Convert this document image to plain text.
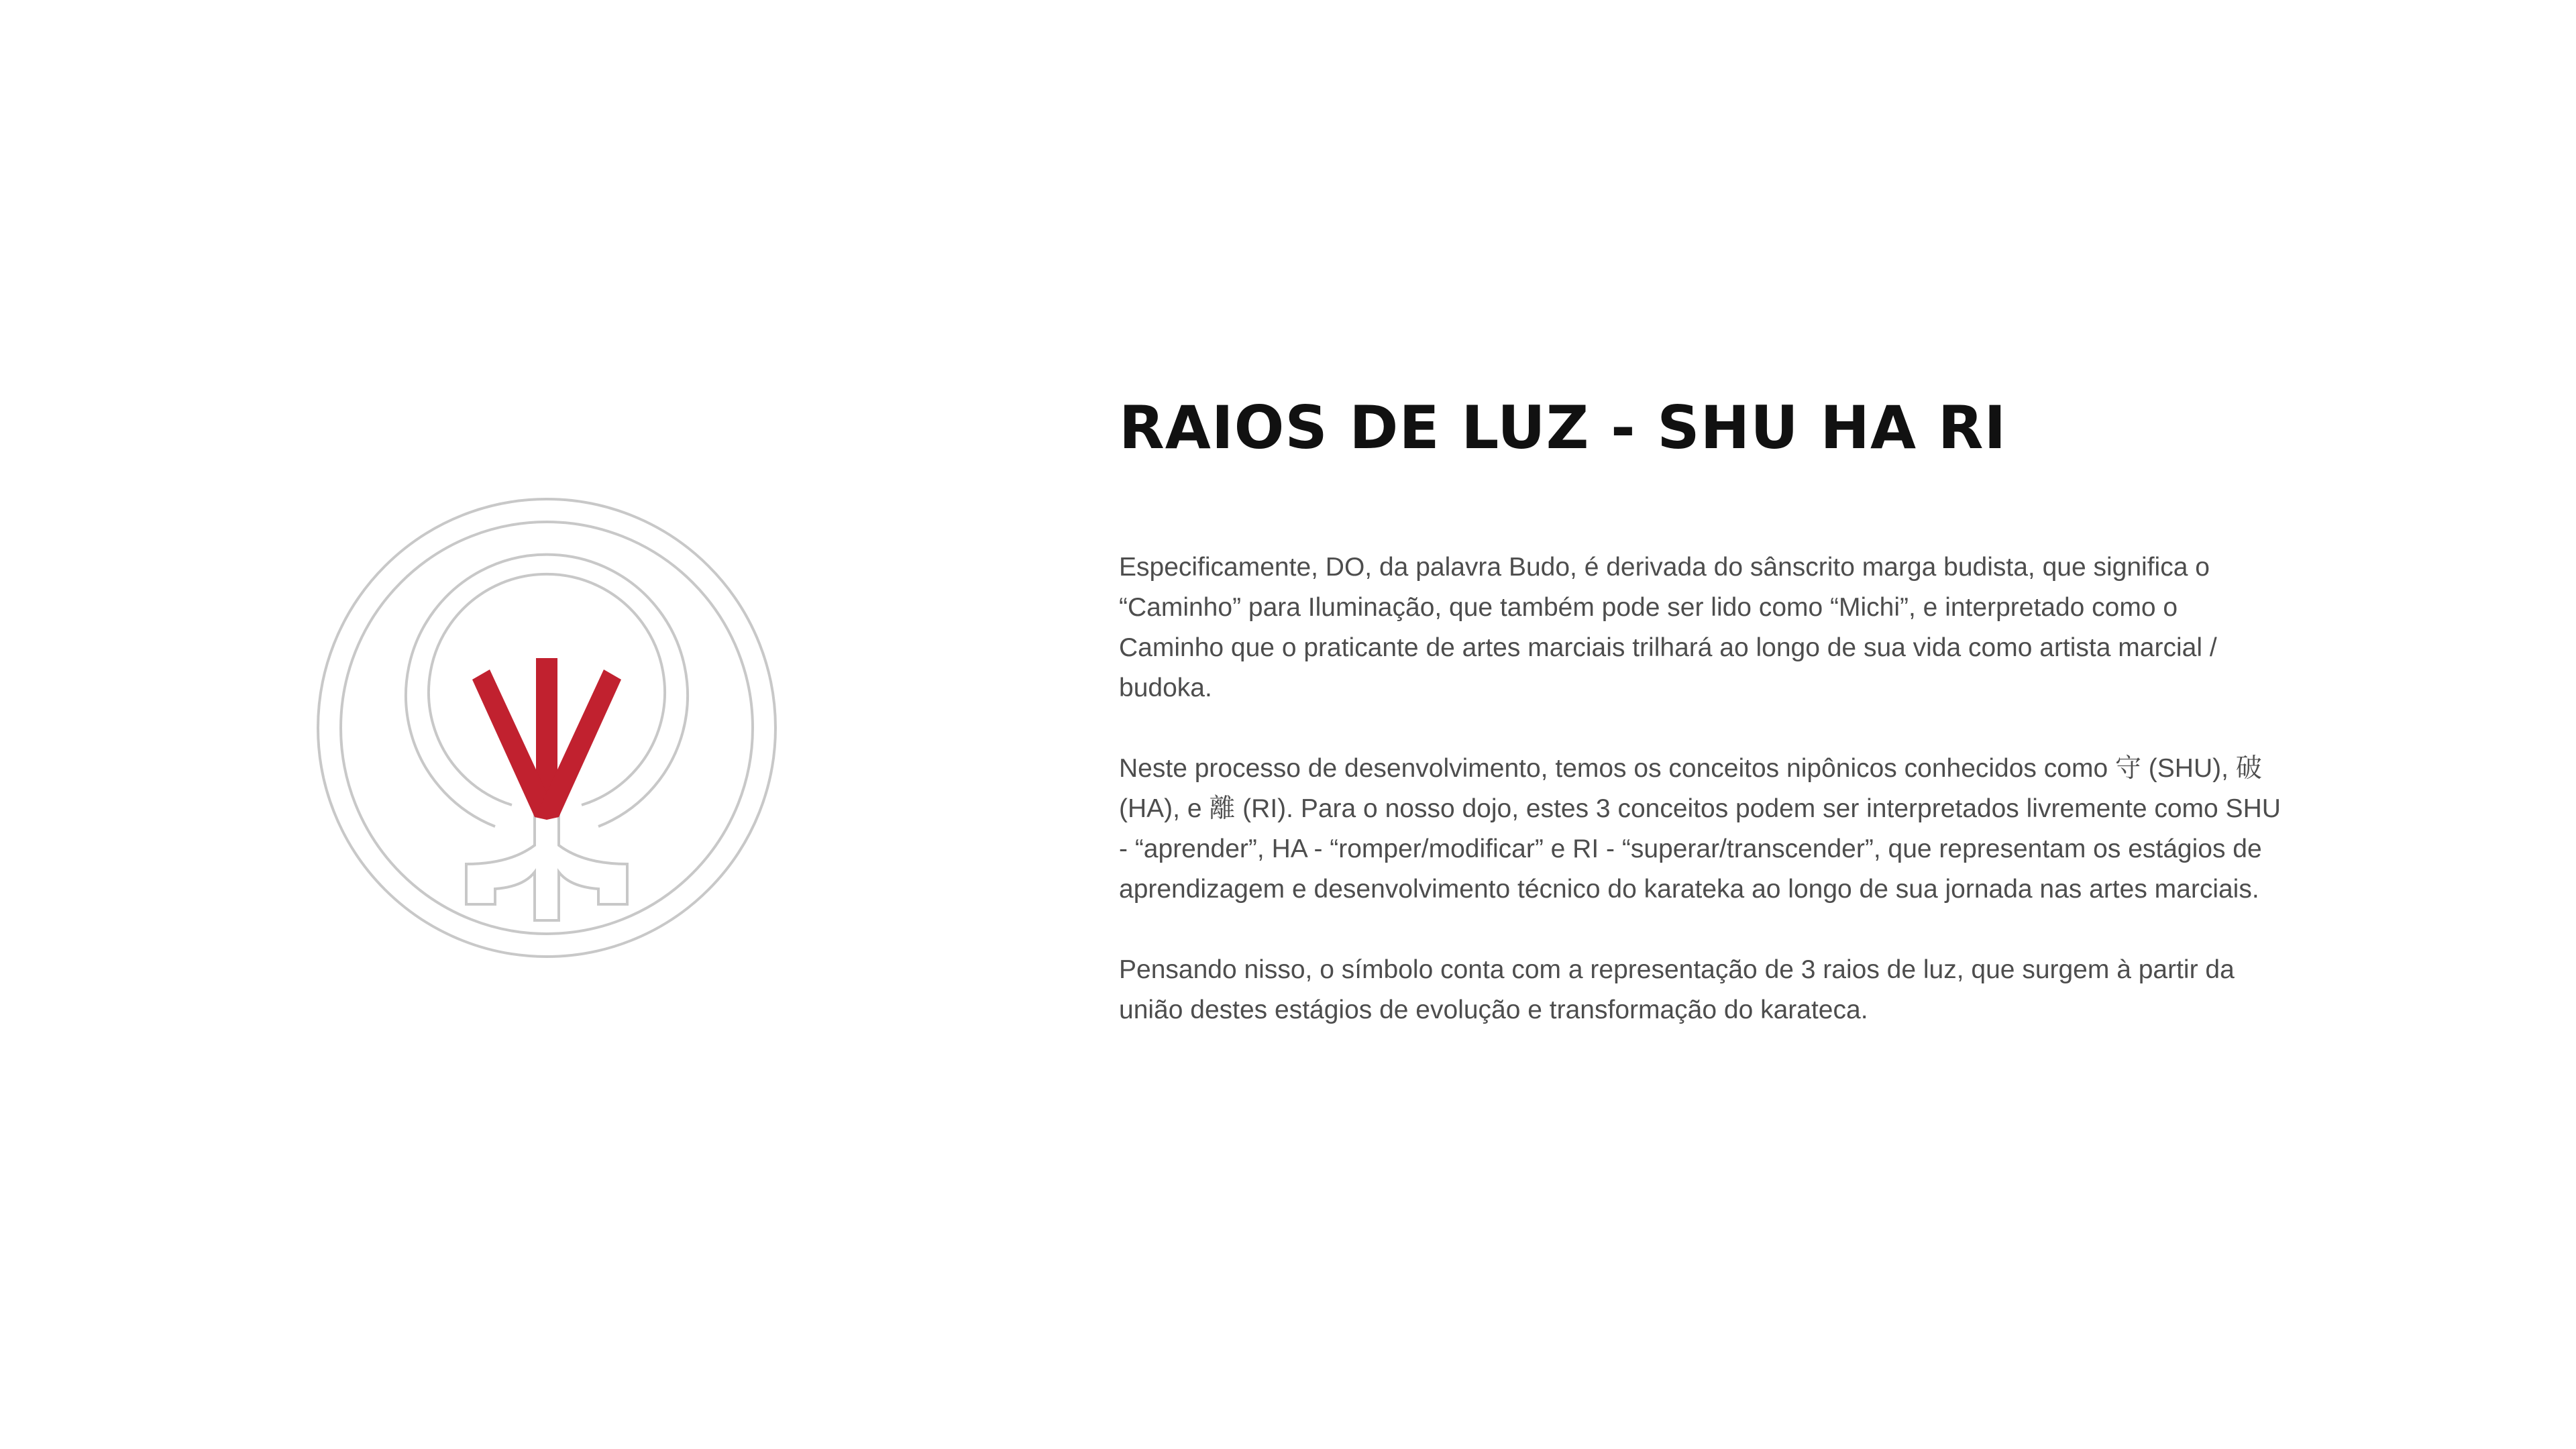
RAIOS DE LUZ - SHU HA RI

Especificamente, DO, da palavra Budo, é derivada do sânscrito marga budista, que significa o “Caminho” para Iluminação, que também pode ser lido como “Michi”, e interpretado como o Caminho que o praticante de artes marciais trilhará ao longo de sua vida como artista marcial / budoka.

Neste processo de desenvolvimento, temos os conceitos nipônicos conhecidos como 守 (SHU), 破 (HA), e 離 (RI). Para o nosso dojo, estes 3 conceitos podem ser interpretados livremente como SHU - “aprender”, HA - “romper/modificar” e RI - “superar/transcender”, que representam os estágios de aprendizagem e desenvolvimento técnico do karateka ao longo de sua jornada nas artes marciais.

Pensando nisso, o símbolo conta com a representação de 3 raios de luz, que surgem à partir da união destes estágios de evolução e transformação do karateca.
